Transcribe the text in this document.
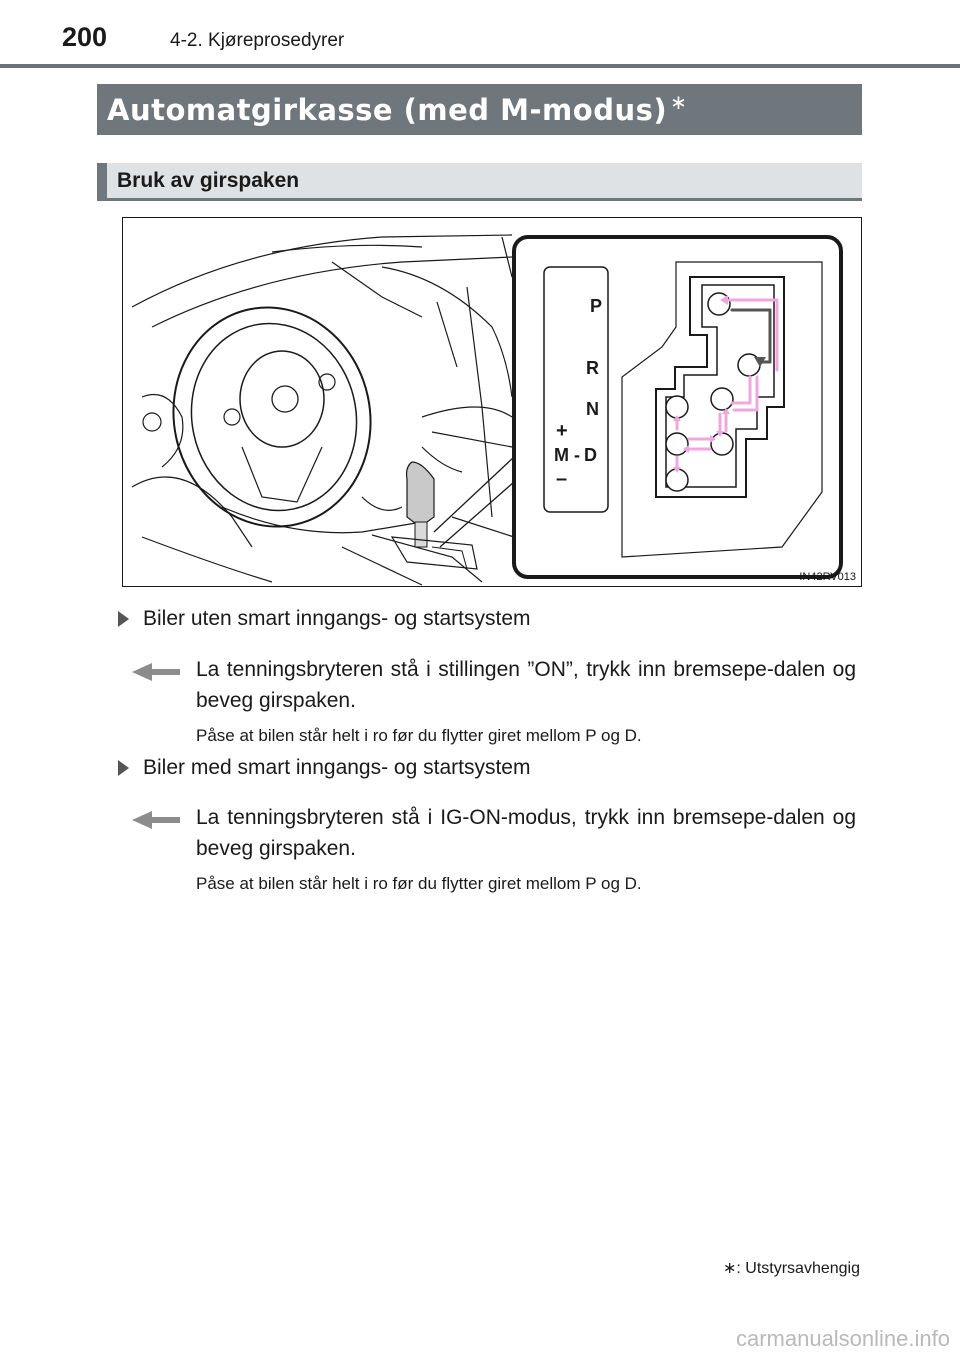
200	4-2. Kjøreprosedyrer
Automatgirkasse (med M-modus) ∗
Bruk av girspaken
P
R
N
+
M - D
–
IN42RV013
Biler uten smart inngangs- og startsystem
La tenningsbryteren stå i stillingen ”ON”, trykk inn bremsepe-dalen og beveg girspaken.
Påse at bilen står helt i ro før du flytter giret mellom P og D.
Biler med smart inngangs- og startsystem
La tenningsbryteren stå i IG-ON-modus, trykk inn bremsepe-dalen og beveg girspaken.
Påse at bilen står helt i ro før du flytter giret mellom P og D.
∗: Utstyrsavhengig
carmanualsonline.info
